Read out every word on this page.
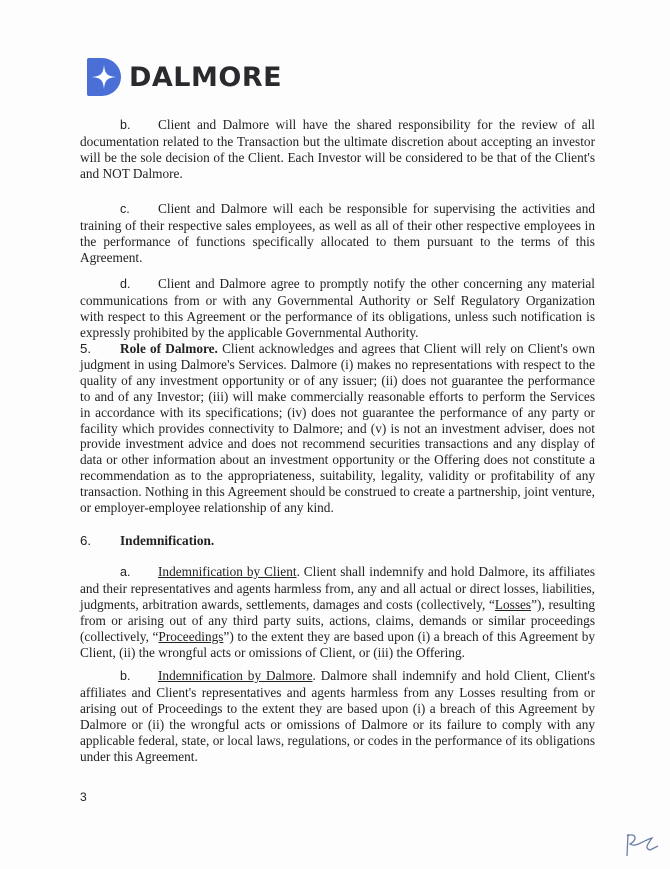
DALMORE

b. Client and Dalmore will have the shared responsibility for the review of all documentation related to the Transaction but the ultimate discretion about accepting an investor will be the sole decision of the Client. Each Investor will be considered to be that of the Client's and NOT Dalmore.

c. Client and Dalmore will each be responsible for supervising the activities and training of their respective sales employees, as well as all of their other respective employees in the performance of functions specifically allocated to them pursuant to the terms of this Agreement.

d. Client and Dalmore agree to promptly notify the other concerning any material communications from or with any Governmental Authority or Self Regulatory Organization with respect to this Agreement or the performance of its obligations, unless such notification is expressly prohibited by the applicable Governmental Authority.

5. Role of Dalmore. Client acknowledges and agrees that Client will rely on Client's own judgment in using Dalmore's Services. Dalmore (i) makes no representations with respect to the quality of any investment opportunity or of any issuer; (ii) does not guarantee the performance to and of any Investor; (iii) will make commercially reasonable efforts to perform the Services in accordance with its specifications; (iv) does not guarantee the performance of any party or facility which provides connectivity to Dalmore; and (v) is not an investment adviser, does not provide investment advice and does not recommend securities transactions and any display of data or other information about an investment opportunity or the Offering does not constitute a recommendation as to the appropriateness, suitability, legality, validity or profitability of any transaction. Nothing in this Agreement should be construed to create a partnership, joint venture, or employer-employee relationship of any kind.

6. Indemnification.

a. Indemnification by Client. Client shall indemnify and hold Dalmore, its affiliates and their representatives and agents harmless from, any and all actual or direct losses, liabilities, judgments, arbitration awards, settlements, damages and costs (collectively, “Losses”), resulting from or arising out of any third party suits, actions, claims, demands or similar proceedings (collectively, “Proceedings”) to the extent they are based upon (i) a breach of this Agreement by Client, (ii) the wrongful acts or omissions of Client, or (iii) the Offering.

b. Indemnification by Dalmore. Dalmore shall indemnify and hold Client, Client's affiliates and Client's representatives and agents harmless from any Losses resulting from or arising out of Proceedings to the extent they are based upon (i) a breach of this Agreement by Dalmore or (ii) the wrongful acts or omissions of Dalmore or its failure to comply with any applicable federal, state, or local laws, regulations, or codes in the performance of its obligations under this Agreement.

3
